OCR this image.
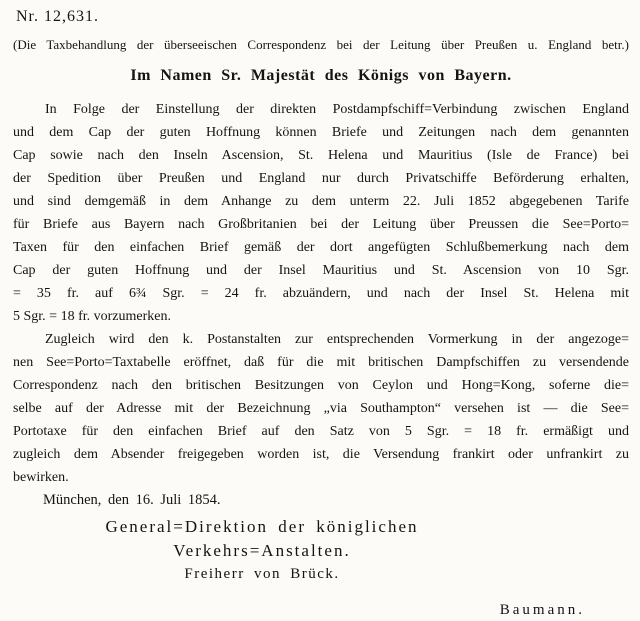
Nr. 12,631.
(Die Taxbehandlung der überseeischen Correspondenz bei der Leitung über Preußen u. England betr.)
Im Namen Sr. Majestät des Königs von Bayern.
In Folge der Einstellung der direkten Postdampfschiff=Verbindung zwischen England
und dem Cap der guten Hoffnung können Briefe und Zeitungen nach dem genannten
Cap sowie nach den Inseln Ascension, St. Helena und Mauritius (Isle de France) bei
der Spedition über Preußen und England nur durch Privatschiffe Beförderung erhalten,
und sind demgemäß in dem Anhange zu dem unterm 22. Juli 1852 abgegebenen Tarife
für Briefe aus Bayern nach Großbritanien bei der Leitung über Preussen die See=Porto=
Taxen für den einfachen Brief gemäß der dort angefügten Schlußbemerkung nach dem
Cap der guten Hoffnung und der Insel Mauritius und St. Ascension von 10 Sgr.
= 35 fr. auf 6¾ Sgr. = 24 fr. abzuändern, und nach der Insel St. Helena mit
5 Sgr. = 18 fr. vorzumerken.
Zugleich wird den k. Postanstalten zur entsprechenden Vormerkung in der angezoge=
nen See=Porto=Taxtabelle eröffnet, daß für die mit britischen Dampfschiffen zu versendende
Correspondenz nach den britischen Besitzungen von Ceylon und Hong=Kong, soferne die=
selbe auf der Adresse mit der Bezeichnung „via Southampton“ versehen ist — die See=
Portotaxe für den einfachen Brief auf den Satz von 5 Sgr. = 18 fr. ermäßigt und
zugleich dem Absender freigegeben worden ist, die Versendung frankirt oder unfrankirt zu
bewirken.
München, den 16. Juli 1854.
General=Direktion der königlichen Verkehrs=Anstalten.
Freiherr von Brück.
Baumann.
